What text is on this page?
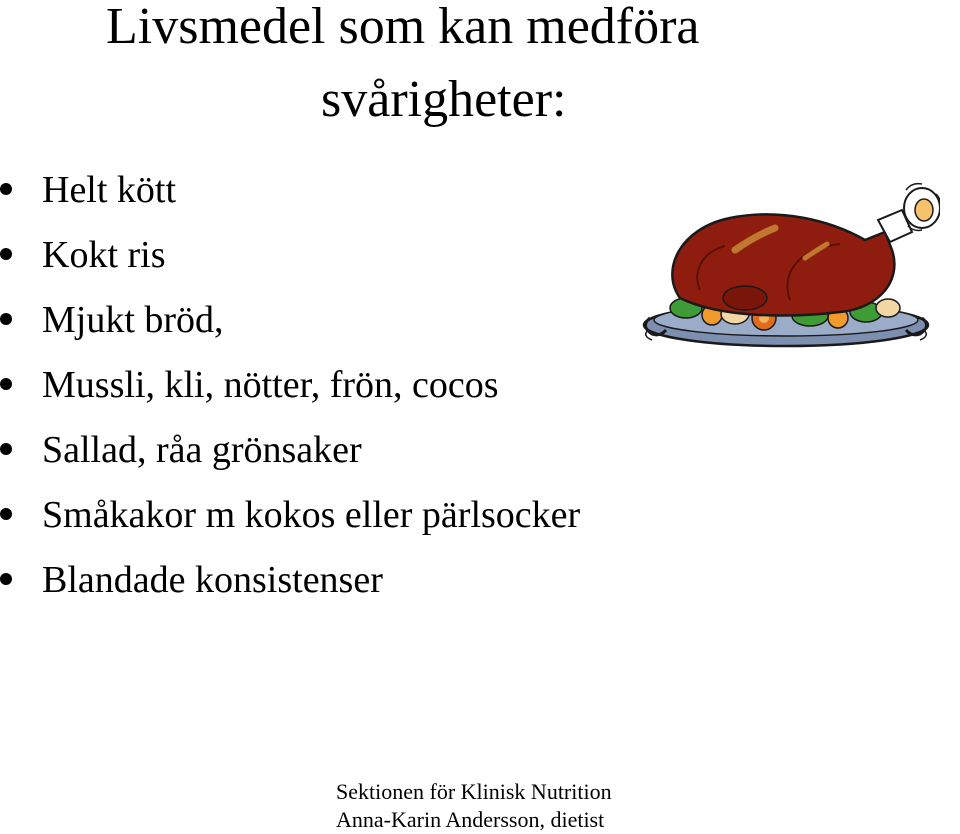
Livsmedel som kan medföra
svårigheter:
Helt kött
Kokt ris
Mjukt bröd,
Mussli, kli, nötter, frön, cocos
Sallad, råa grönsaker
Småkakor m kokos eller pärlsocker
Blandade konsistenser
Sektionen för Klinisk Nutrition
Anna-Karin Andersson, dietist
